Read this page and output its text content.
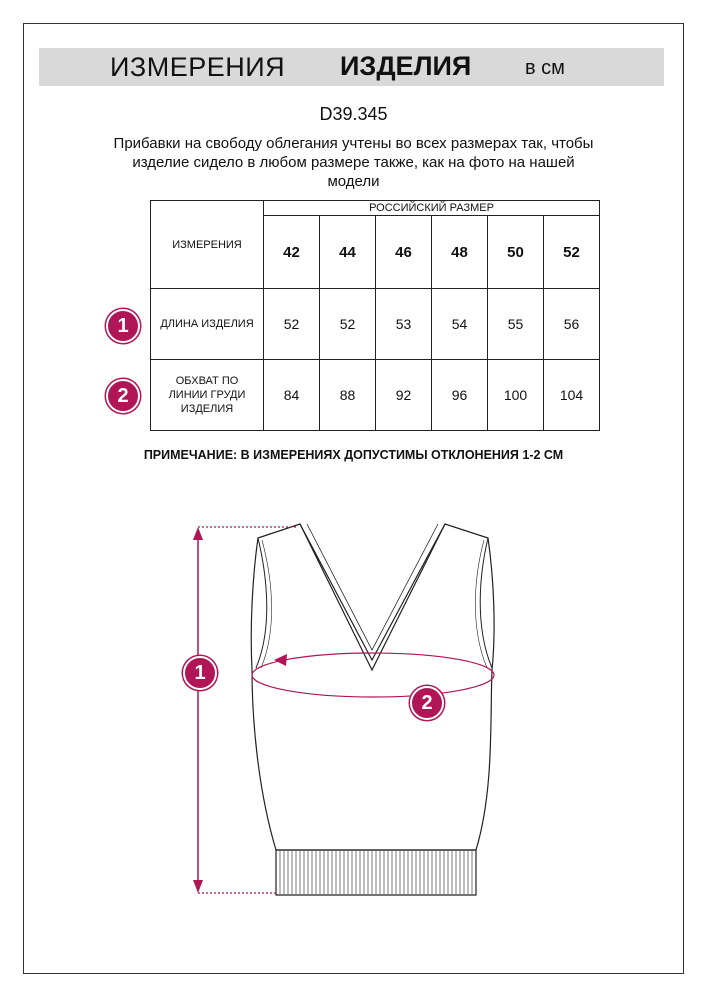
ИЗМЕРЕНИЯ ИЗДЕЛИЯ	в см
D39.345
Прибавки на свободу облегания учтены во всех размерах так, чтобы изделие сидело в любом размере также, как на фото на нашей модели
ИЗМЕРЕНИЯ	РОССИЙСКИЙ РАЗМЕР					
	42	44	46	48	50	52
ДЛИНА ИЗДЕЛИЯ	52	52	53	54	55	56
ОБХВАТ ПО ЛИНИИ ГРУДИ ИЗДЕЛИЯ	84	88	92	96	100	104
1
2
ПРИМЕЧАНИЕ: В ИЗМЕРЕНИЯХ ДОПУСТИМЫ ОТКЛОНЕНИЯ 1-2 СМ
1
2
